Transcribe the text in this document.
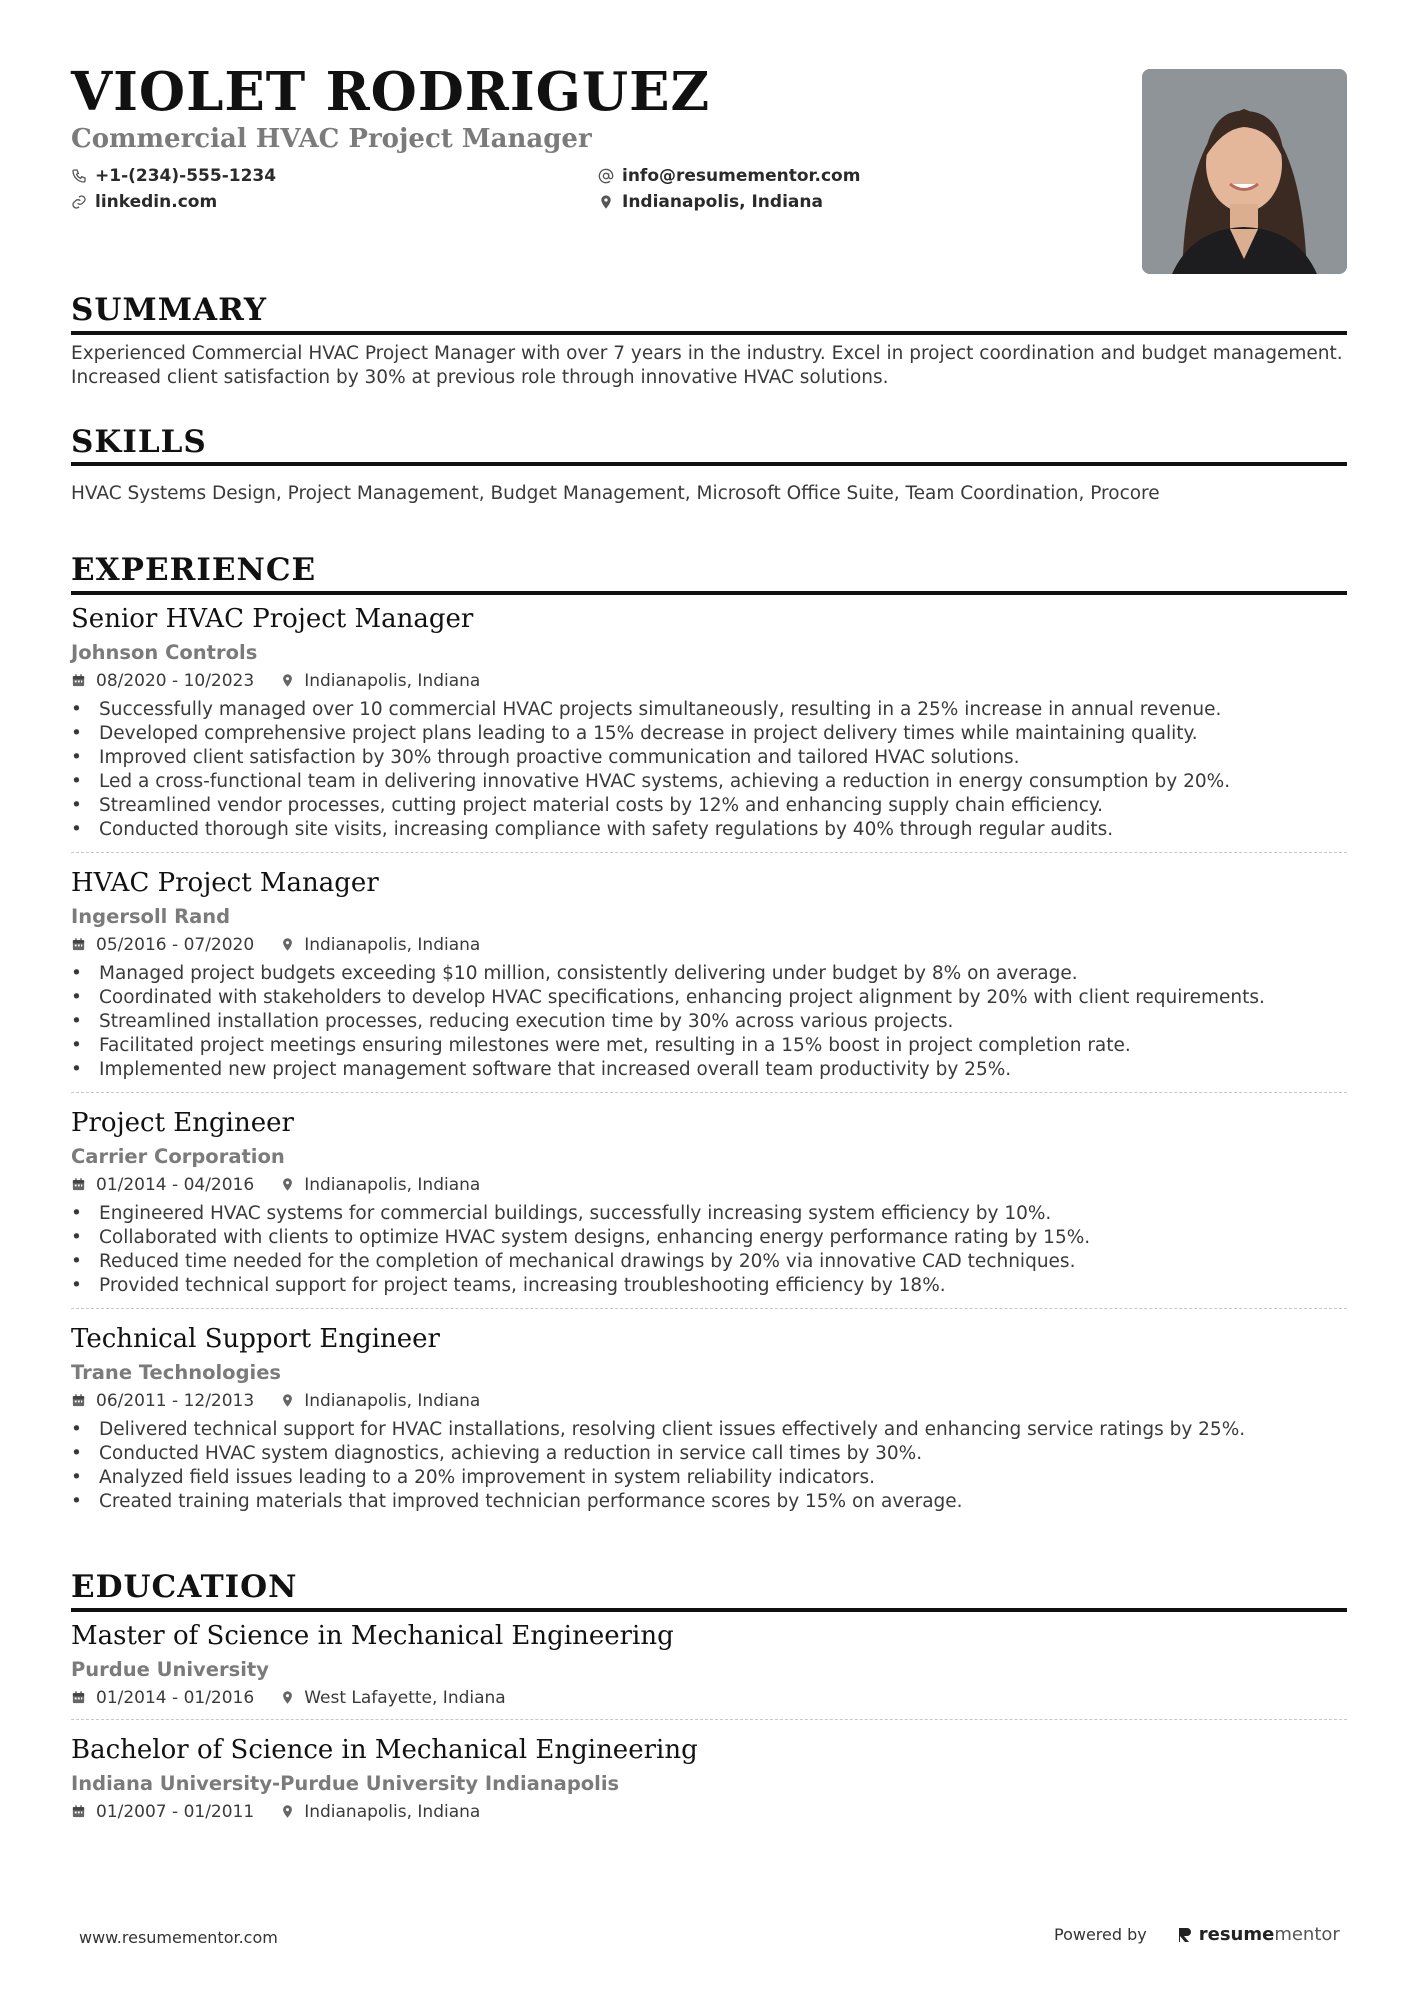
VIOLET RODRIGUEZ
Commercial HVAC Project Manager
+1-(234)-555-1234
linkedin.com
info@resumementor.com
Indianapolis, Indiana
SUMMARY
Experienced Commercial HVAC Project Manager with over 7 years in the industry. Excel in project coordination and budget management. Increased client satisfaction by 30% at previous role through innovative HVAC solutions.
SKILLS
HVAC Systems Design, Project Management, Budget Management, Microsoft Office Suite, Team Coordination, Procore
EXPERIENCE
Senior HVAC Project Manager
Johnson Controls
08/2020 - 10/2023	Indianapolis, Indiana
• Successfully managed over 10 commercial HVAC projects simultaneously, resulting in a 25% increase in annual revenue.
• Developed comprehensive project plans leading to a 15% decrease in project delivery times while maintaining quality.
• Improved client satisfaction by 30% through proactive communication and tailored HVAC solutions.
• Led a cross-functional team in delivering innovative HVAC systems, achieving a reduction in energy consumption by 20%.
• Streamlined vendor processes, cutting project material costs by 12% and enhancing supply chain efficiency.
• Conducted thorough site visits, increasing compliance with safety regulations by 40% through regular audits.
HVAC Project Manager
Ingersoll Rand
05/2016 - 07/2020	Indianapolis, Indiana
• Managed project budgets exceeding $10 million, consistently delivering under budget by 8% on average.
• Coordinated with stakeholders to develop HVAC specifications, enhancing project alignment by 20% with client requirements.
• Streamlined installation processes, reducing execution time by 30% across various projects.
• Facilitated project meetings ensuring milestones were met, resulting in a 15% boost in project completion rate.
• Implemented new project management software that increased overall team productivity by 25%.
Project Engineer
Carrier Corporation
01/2014 - 04/2016	Indianapolis, Indiana
• Engineered HVAC systems for commercial buildings, successfully increasing system efficiency by 10%.
• Collaborated with clients to optimize HVAC system designs, enhancing energy performance rating by 15%.
• Reduced time needed for the completion of mechanical drawings by 20% via innovative CAD techniques.
• Provided technical support for project teams, increasing troubleshooting efficiency by 18%.
Technical Support Engineer
Trane Technologies
06/2011 - 12/2013	Indianapolis, Indiana
• Delivered technical support for HVAC installations, resolving client issues effectively and enhancing service ratings by 25%.
• Conducted HVAC system diagnostics, achieving a reduction in service call times by 30%.
• Analyzed field issues leading to a 20% improvement in system reliability indicators.
• Created training materials that improved technician performance scores by 15% on average.
EDUCATION
Master of Science in Mechanical Engineering
Purdue University
01/2014 - 01/2016	West Lafayette, Indiana
Bachelor of Science in Mechanical Engineering
Indiana University-Purdue University Indianapolis
01/2007 - 01/2011	Indianapolis, Indiana
www.resumementor.com	Powered by	resume mentor
